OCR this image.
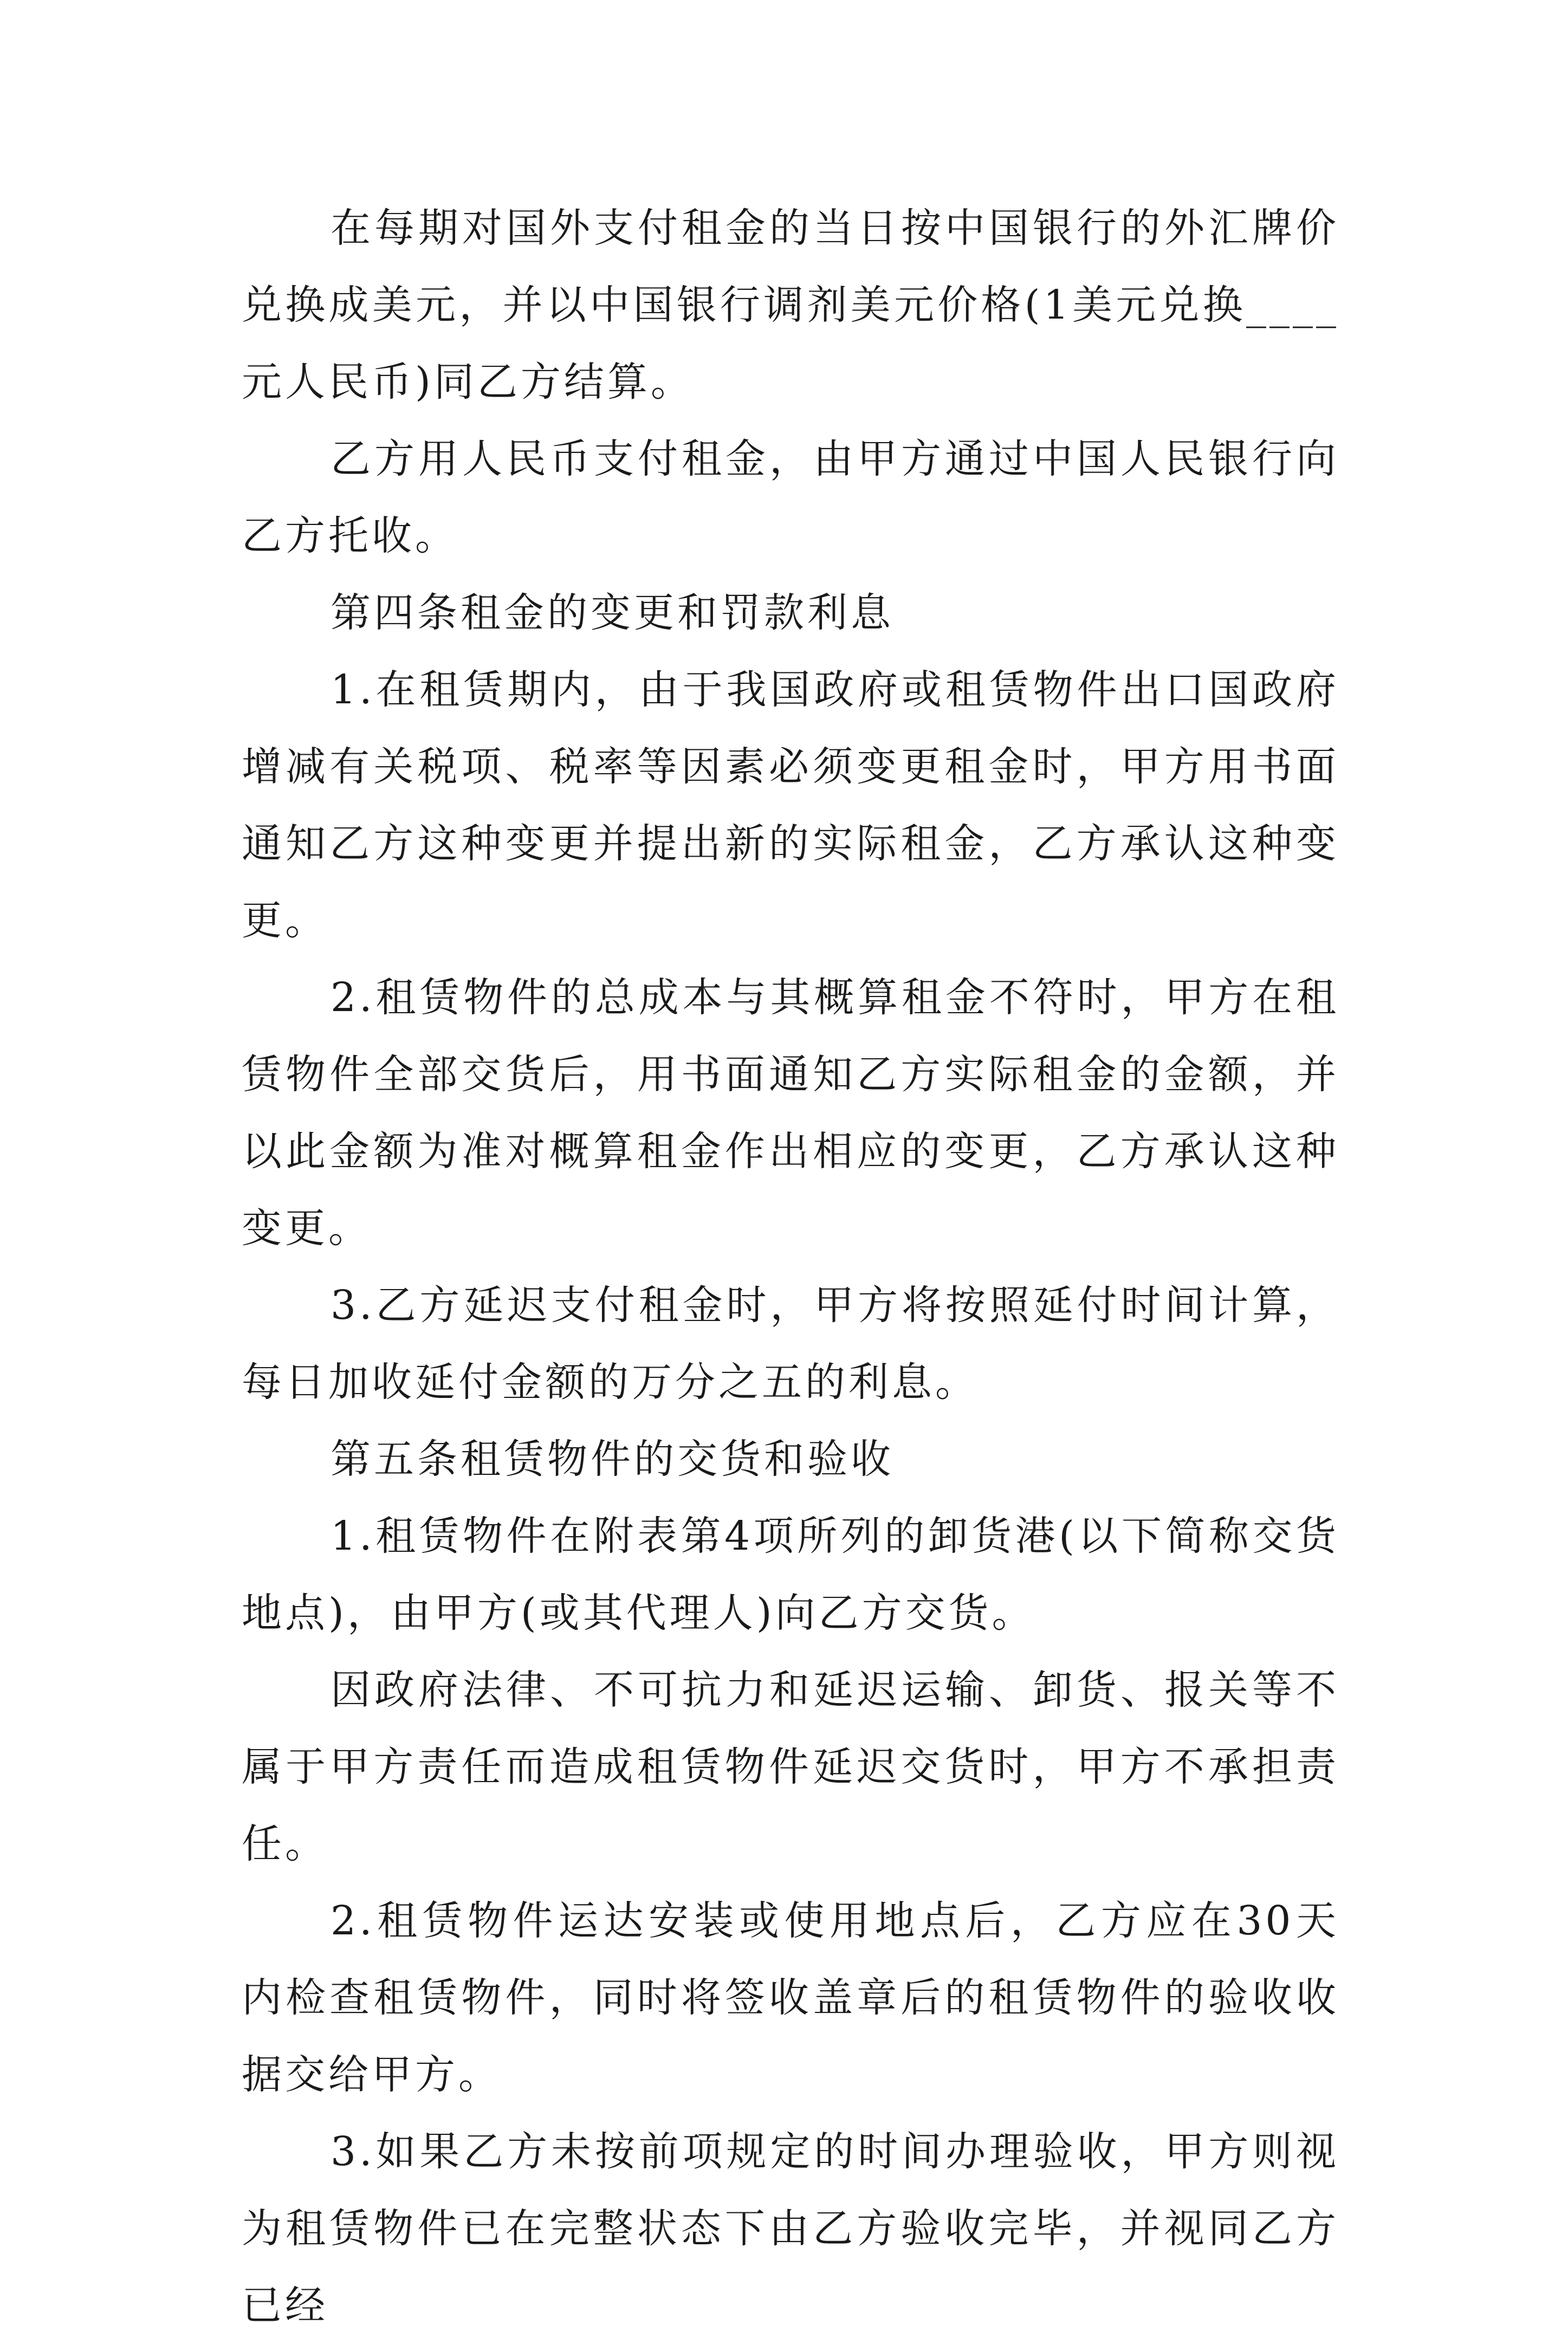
在每期对国外支付租金的当日按中国银行的外汇牌价兑换成美元，并以中国银行调剂美元价格(1美元兑换____元人民币)同乙方结算。

乙方用人民币支付租金，由甲方通过中国人民银行向乙方托收。

第四条租金的变更和罚款利息

1.在租赁期内，由于我国政府或租赁物件出口国政府增减有关税项、税率等因素必须变更租金时，甲方用书面通知乙方这种变更并提出新的实际租金，乙方承认这种变更。

2.租赁物件的总成本与其概算租金不符时，甲方在租赁物件全部交货后，用书面通知乙方实际租金的金额，并以此金额为准对概算租金作出相应的变更，乙方承认这种变更。

3.乙方延迟支付租金时，甲方将按照延付时间计算，每日加收延付金额的万分之五的利息。

第五条租赁物件的交货和验收

1.租赁物件在附表第4项所列的卸货港(以下简称交货地点)，由甲方(或其代理人)向乙方交货。

因政府法律、不可抗力和延迟运输、卸货、报关等不属于甲方责任而造成租赁物件延迟交货时，甲方不承担责任。

2.租赁物件运达安装或使用地点后，乙方应在30天内检查租赁物件，同时将签收盖章后的租赁物件的验收收据交给甲方。

3.如果乙方未按前项规定的时间办理验收，甲方则视为租赁物件已在完整状态下由乙方验收完毕，并视同乙方已经
